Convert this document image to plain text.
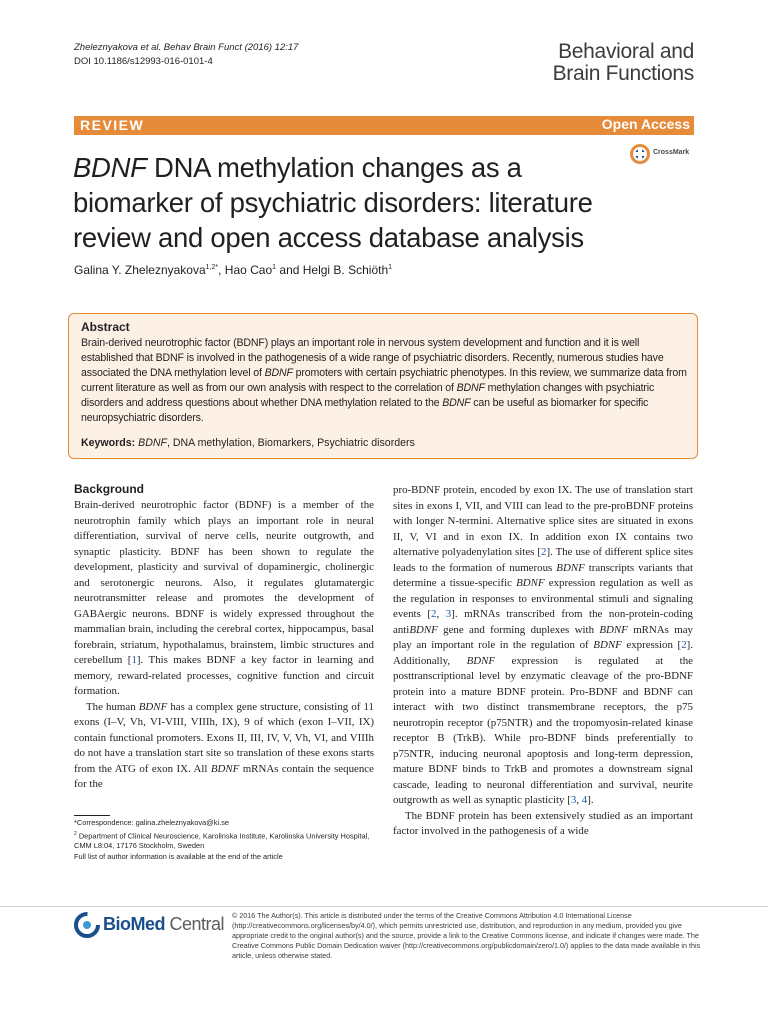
Zheleznyakova et al. Behav Brain Funct (2016) 12:17
DOI 10.1186/s12993-016-0101-4	Behavioral and
Brain Functions
REVIEW	Open Access
CrossMark
BDNF DNA methylation changes as a
biomarker of psychiatric disorders: literature
review and open access database analysis
Galina Y. Zheleznyakova$^{1,2*}$, Hao Cao$^1$ and Helgi B. Schiöth$^1$
Abstract
Brain-derived neurotrophic factor (BDNF) plays an important role in nervous system development and function and it is well established that BDNF is involved in the pathogenesis of a wide range of psychiatric disorders. Recently, numerous studies have associated the DNA methylation level of BDNF promoters with certain psychiatric phenotypes. In this review, we summarize data from current literature as well as from our own analysis with respect to the correlation of BDNF methylation changes with psychiatric disorders and address questions about whether DNA methylation related to the BDNF can be useful as biomarker for specific neuropsychiatric disorders.
Keywords: BDNF, DNA methylation, Biomarkers, Psychiatric disorders
Background

Brain-derived neurotrophic factor (BDNF) is a member of the neurotrophin family which plays an important role in neural differentiation, survival of nerve cells, neurite outgrowth, and synaptic plasticity. BDNF has been shown to regulate the development, plasticity and survival of dopaminergic, cholinergic and serotonergic neurons. Also, it regulates glutamatergic neurotransmitter release and promotes the development of GABAergic neurons. BDNF is widely expressed throughout the mammalian brain, including the cerebral cortex, hippocampus, basal forebrain, striatum, hypothalamus, brainstem, limbic structures and cerebellum [1]. This makes BDNF a key factor in learning and memory, reward-related processes, cognitive function and circuit formation.

The human BDNF has a complex gene structure, consisting of 11 exons (I–V, Vh, VI-VIII, VIIIh, IX), 9 of which (exon I–VII, IX) contain functional promoters. Exons II, III, IV, V, Vh, VI, and VIIIh do not have a translation start site so translation of these exons starts from the ATG of exon IX. All BDNF mRNAs contain the sequence for the

pro-BDNF protein, encoded by exon IX. The use of translation start sites in exons I, VII, and VIII can lead to the pre-proBDNF proteins with longer N-termini. Alternative splice sites are situated in exons II, V, VI and in exon IX. In addition exon IX contains two alternative polyadenylation sites [2]. The use of different splice sites leads to the formation of numerous BDNF transcripts variants that determine a tissue-specific BDNF expression regulation as well as the regulation in responses to environmental stimuli and signaling events [2, 3]. mRNAs transcribed from the non-protein-coding antiBDNF gene and forming duplexes with BDNF mRNAs may play an important role in the regulation of BDNF expression [2]. Additionally, BDNF expression is regulated at the posttranscriptional level by enzymatic cleavage of the pro-BDNF protein into a mature BDNF protein. Pro-BDNF and BDNF can interact with two distinct transmembrane receptors, the p75 neurotropin receptor (p75NTR) and the tropomyosin-related kinase receptor B (TrkB). While pro-BDNF binds preferentially to p75NTR, inducing neuronal apoptosis and long-term depression, mature BDNF binds to TrkB and promotes a downstream signal cascade, leading to neuronal differentiation and survival, neurite outgrowth as well as synaptic plasticity [3, 4].

The BDNF protein has been extensively studied as an important factor involved in the pathogenesis of a wide

*Correspondence: galina.zheleznyakova@ki.se
$^2$ Department of Clinical Neuroscience, Karolinska Institute, Karolinska University Hospital, CMM L8:04, 17176 Stockholm, Sweden
Full list of author information is available at the end of the article
BioMed Central © 2016 The Author(s). This article is distributed under the terms of the Creative Commons Attribution 4.0 International License (http://creativecommons.org/licenses/by/4.0/), which permits unrestricted use, distribution, and reproduction in any medium, provided you give appropriate credit to the original author(s) and the source, provide a link to the Creative Commons license, and indicate if changes were made. The Creative Commons Public Domain Dedication waiver (http://creativecommons.org/publicdomain/zero/1.0/) applies to the data made available in this article, unless otherwise stated.
